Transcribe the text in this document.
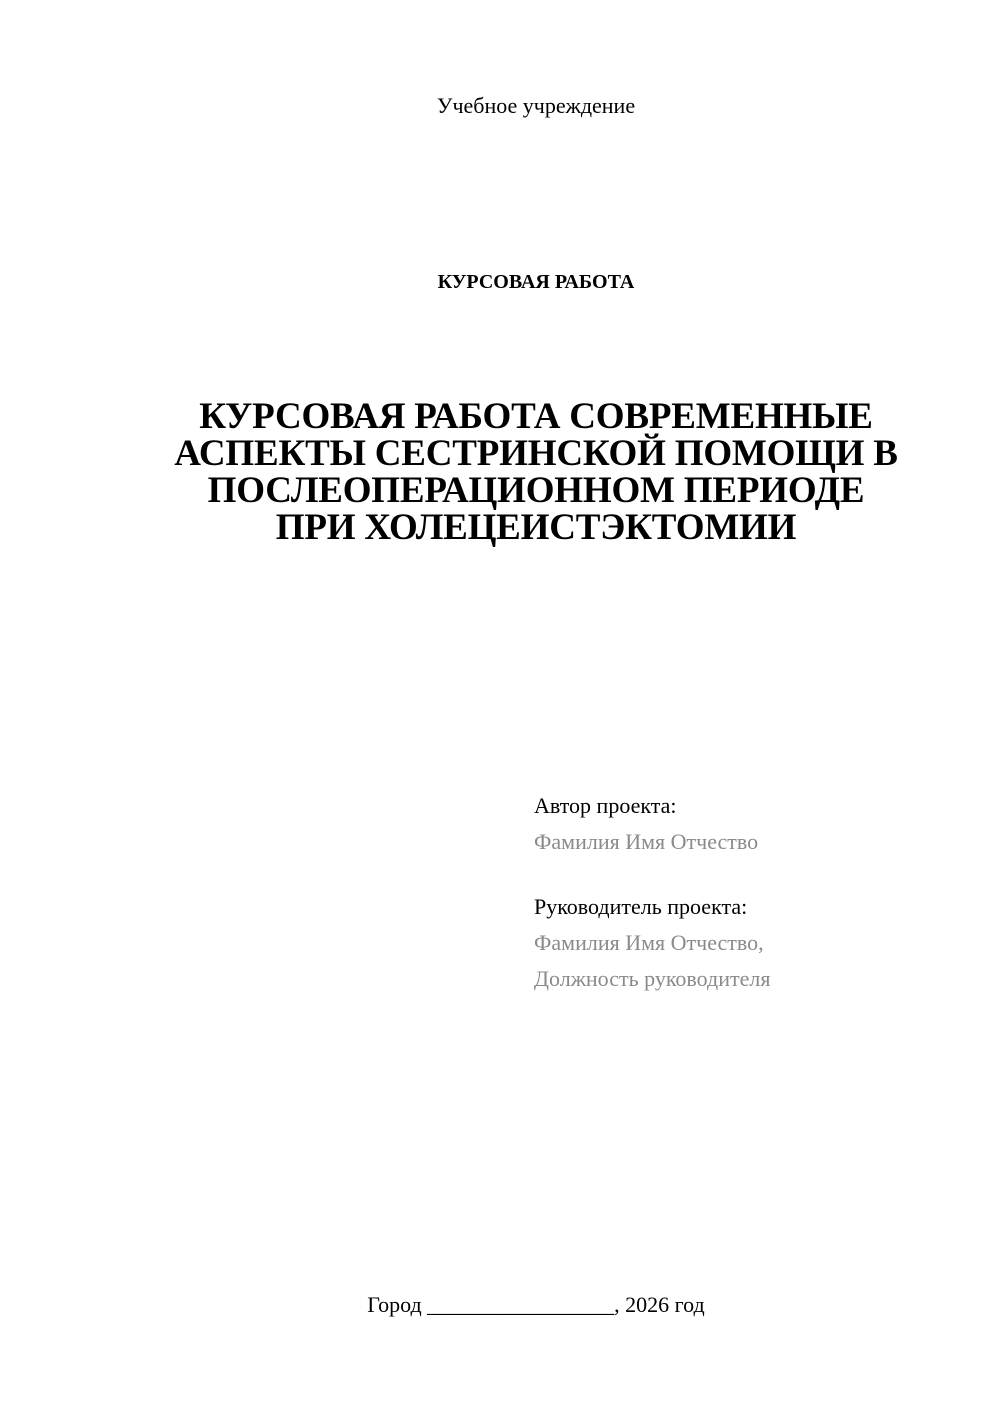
Учебное учреждение
КУРСОВАЯ РАБОТА
КУРСОВАЯ РАБОТА СОВРЕМЕННЫЕ
АСПЕКТЫ СЕСТРИНСКОЙ ПОМОЩИ В
ПОСЛЕОПЕРАЦИОННОМ ПЕРИОДЕ
ПРИ ХОЛЕЦЕИСТЭКТОМИИ
Автор проекта:
Фамилия Имя Отчество
Руководитель проекта:
Фамилия Имя Отчество,
Должность руководителя
Город _________________, 2026 год
